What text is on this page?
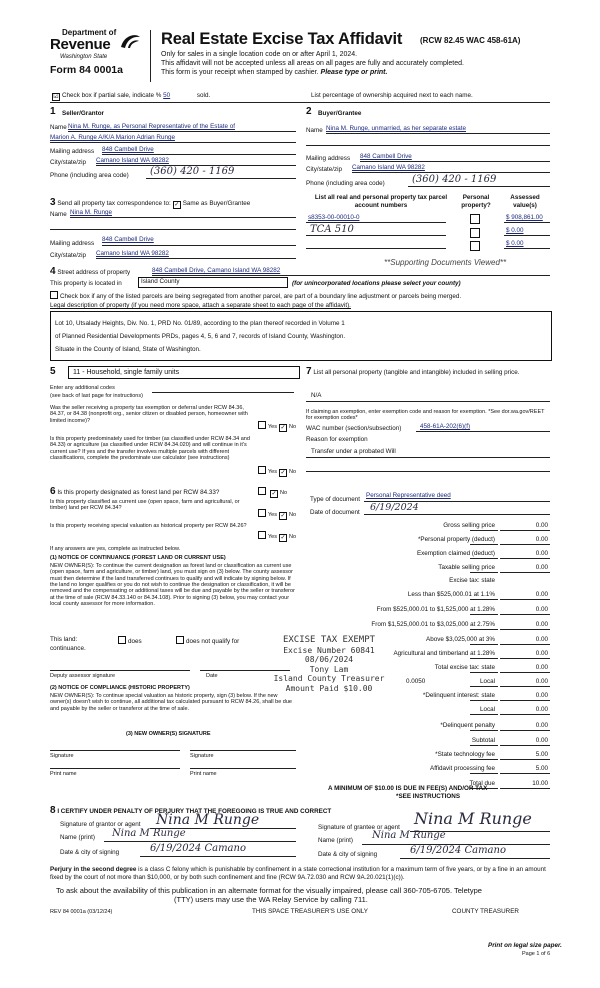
Department of
Revenue
Washington State
Form 84 0001a
Real Estate Excise Tax Affidavit (RCW 82.45 WAC 458-61A)
Only for sales in a single location code on or after April 1, 2024.
This affidavit will not be accepted unless all areas on all pages are fully and accurately completed.
This form is your receipt when stamped by cashier. Please type or print.
☑ Check box if partial sale, indicate % 50	sold.	List percentage of ownership acquired next to each name.
1 Seller/Grantor
Name Nina M. Runge, as Personal Representative of the Estate of
Marion A. Runge A/K/A Marion Adrian Runge
Mailing address 848 Cambell Drive
City/state/zip Camano Island WA 98282
Phone (including area code) (360) 420 - 1169
2 Buyer/Grantee
Name Nina M. Runge, unmarried, as her separate estate
Mailing address 848 Cambell Drive
City/state/zip Camano Island WA 98282
Phone (including area code)	(360) 420 - 1169
3 Send all property tax correspondence to: ✓ Same as Buyer/Grantee
Name Nina M. Runge
Mailing address
848 Cambell Drive
City/state/zip Camano Island WA 98282
List all real and personal property tax parcel account numbers
Personal property?
Assessed value(s)
s8353-00-00010-0	$ 908,861.00
TCA 510	$ 0.00
$ 0.00
**Supporting Documents Viewed**
4 Street address of property	848 Cambell Drive, Camano Island WA 98282
This property is located in	Island County	(for unincorporated locations please select your county)
Check box if any of the listed parcels are being segregated from another parcel, are part of a boundary line adjustment or parcels being merged.
Legal description of property (if you need more space, attach a separate sheet to each page of the affidavit).
Lot 10, Utsalady Heights, Div. No. 1, PRD No. 01/89, according to the plan thereof recorded in Volume 1
of Planned Residential Developments PRDs, pages 4, 5, 6 and 7, records of Island County, Washington.
Situate in the County of Island, State of Washington.
5	11 - Household, single family units
Enter any additional codes
(see back of last page for instructions)
Was the seller receiving a property tax exemption or deferral under RCW 84.36, 84.37, or 84.38 (nonprofit org., senior citizen or disabled person, homeowner with limited income)?
Yes ✓ No
Is this property predominately used for timber (as classified under RCW 84.34 and 84.33) or agriculture (as classified under RCW 84.34.020) and will continue in it's current use? If yes and the transfer involves multiple parcels with different classifications, complete the predominate use calculator (see instructions)
Yes ✓ No
6 Is this property designated as forest land per RCW 84.33?	✓ No
Is this property classified as current use (open space, farm and agricultural, or timber) land per RCW 84.34?
Yes ✓ No
Is this property receiving special valuation as historical property per RCW 84.26?
Yes ✓ No
If any answers are yes, complete as instructed below.
(1) NOTICE OF CONTINUANCE (FOREST LAND OR CURRENT USE)
NEW OWNER(S): To continue the current designation as forest land or classification as current use (open space, farm and agriculture, or timber) land, you must sign on (3) below. The county assessor must then determine if the land transferred continues to qualify and will indicate by signing below. If the land no longer qualifies or you do not wish to continue the designation or classification, it will be removed and the compensating or additional taxes will be due and payable by the seller or transferor at the time of sale (RCW 84.33.140 or 84.34.108). Prior to signing (3) below, you may contact your local county assessor for more information.
This land:
continuance.
does	does not qualify for
Deputy assessor signature	Date
(2) NOTICE OF COMPLIANCE (HISTORIC PROPERTY)
NEW OWNER(S): To continue special valuation as historic property, sign (3) below. If the new owner(s) doesn't wish to continue, all additional tax calculated pursuant to RCW 84.26, shall be due and payable by the seller or transferor at the time of sale.
(3) NEW OWNER(S) SIGNATURE
Signature	Signature
Print name	Print name
7 List all personal property (tangible and intangible) included in selling price.
N/A
If claiming an exemption, enter exemption code and reason for exemption. *See dor.wa.gov/REET for exemption codes*
WAC number (section/subsection)	458-61A-202(6)(f)
Reason for exemption
Transfer under a probated Will
Type of document
Personal Representative deed
Date of document 6/19/2024
Gross selling price	0.00
*Personal property (deduct)	0.00
Exemption claimed (deduct)	0.00
Taxable selling price	0.00
Excise tax: state
Less than $525,000.01 at 1.1%	0.00
From $525,000.01 to $1,525,000 at 1.28%	0.00
From $1,525,000.01 to $3,025,000 at 2.75%	0.00
Above $3,025,000 at 3%	0.00
Agricultural and timberland at 1.28%	0.00
Total excise tax: state	0.00
Local
0.0050	0.00
*Delinquent interest: state	0.00
Local	0.00
*Delinquent penalty	0.00
Subtotal	0.00
*State technology fee	5.00
Affidavit processing fee	5.00
Total due	10.00
EXCISE TAX EXEMPT
Excise Number 60841
08/06/2024
Tony Lam
Island County Treasurer
Amount Paid $10.00
A MINIMUM OF $10.00 IS DUE IN FEE(S) AND/OR TAX
*SEE INSTRUCTIONS
8 I CERTIFY UNDER PENALTY OF PERJURY THAT THE FOREGOING IS TRUE AND CORRECT
Signature of grantor or agent Nina M Runge
Name (print) Nina M Runge
Date & city of signing	6/19/2024 Camano
Signature of grantee or agent Nina M Runge
Name (print) Nina M Runge
Date & city of signing	6/19/2024 Camano
Perjury in the second degree is a class C felony which is punishable by confinement in a state correctional institution for a maximum term of five years, or by a fine in an amount fixed by the court of not more than $10,000, or by both such confinement and fine (RCW 9A.72.030 and RCW 9A.20.021(1)(c)).
To ask about the availability of this publication in an alternate format for the visually impaired, please call 360-705-6705. Teletype
(TTY) users may use the WA Relay Service by calling 711.
REV 84 0001a (03/12/24)	THIS SPACE TREASURER'S USE ONLY	COUNTY TREASURER
Print on legal size paper.
Page 1 of 6
